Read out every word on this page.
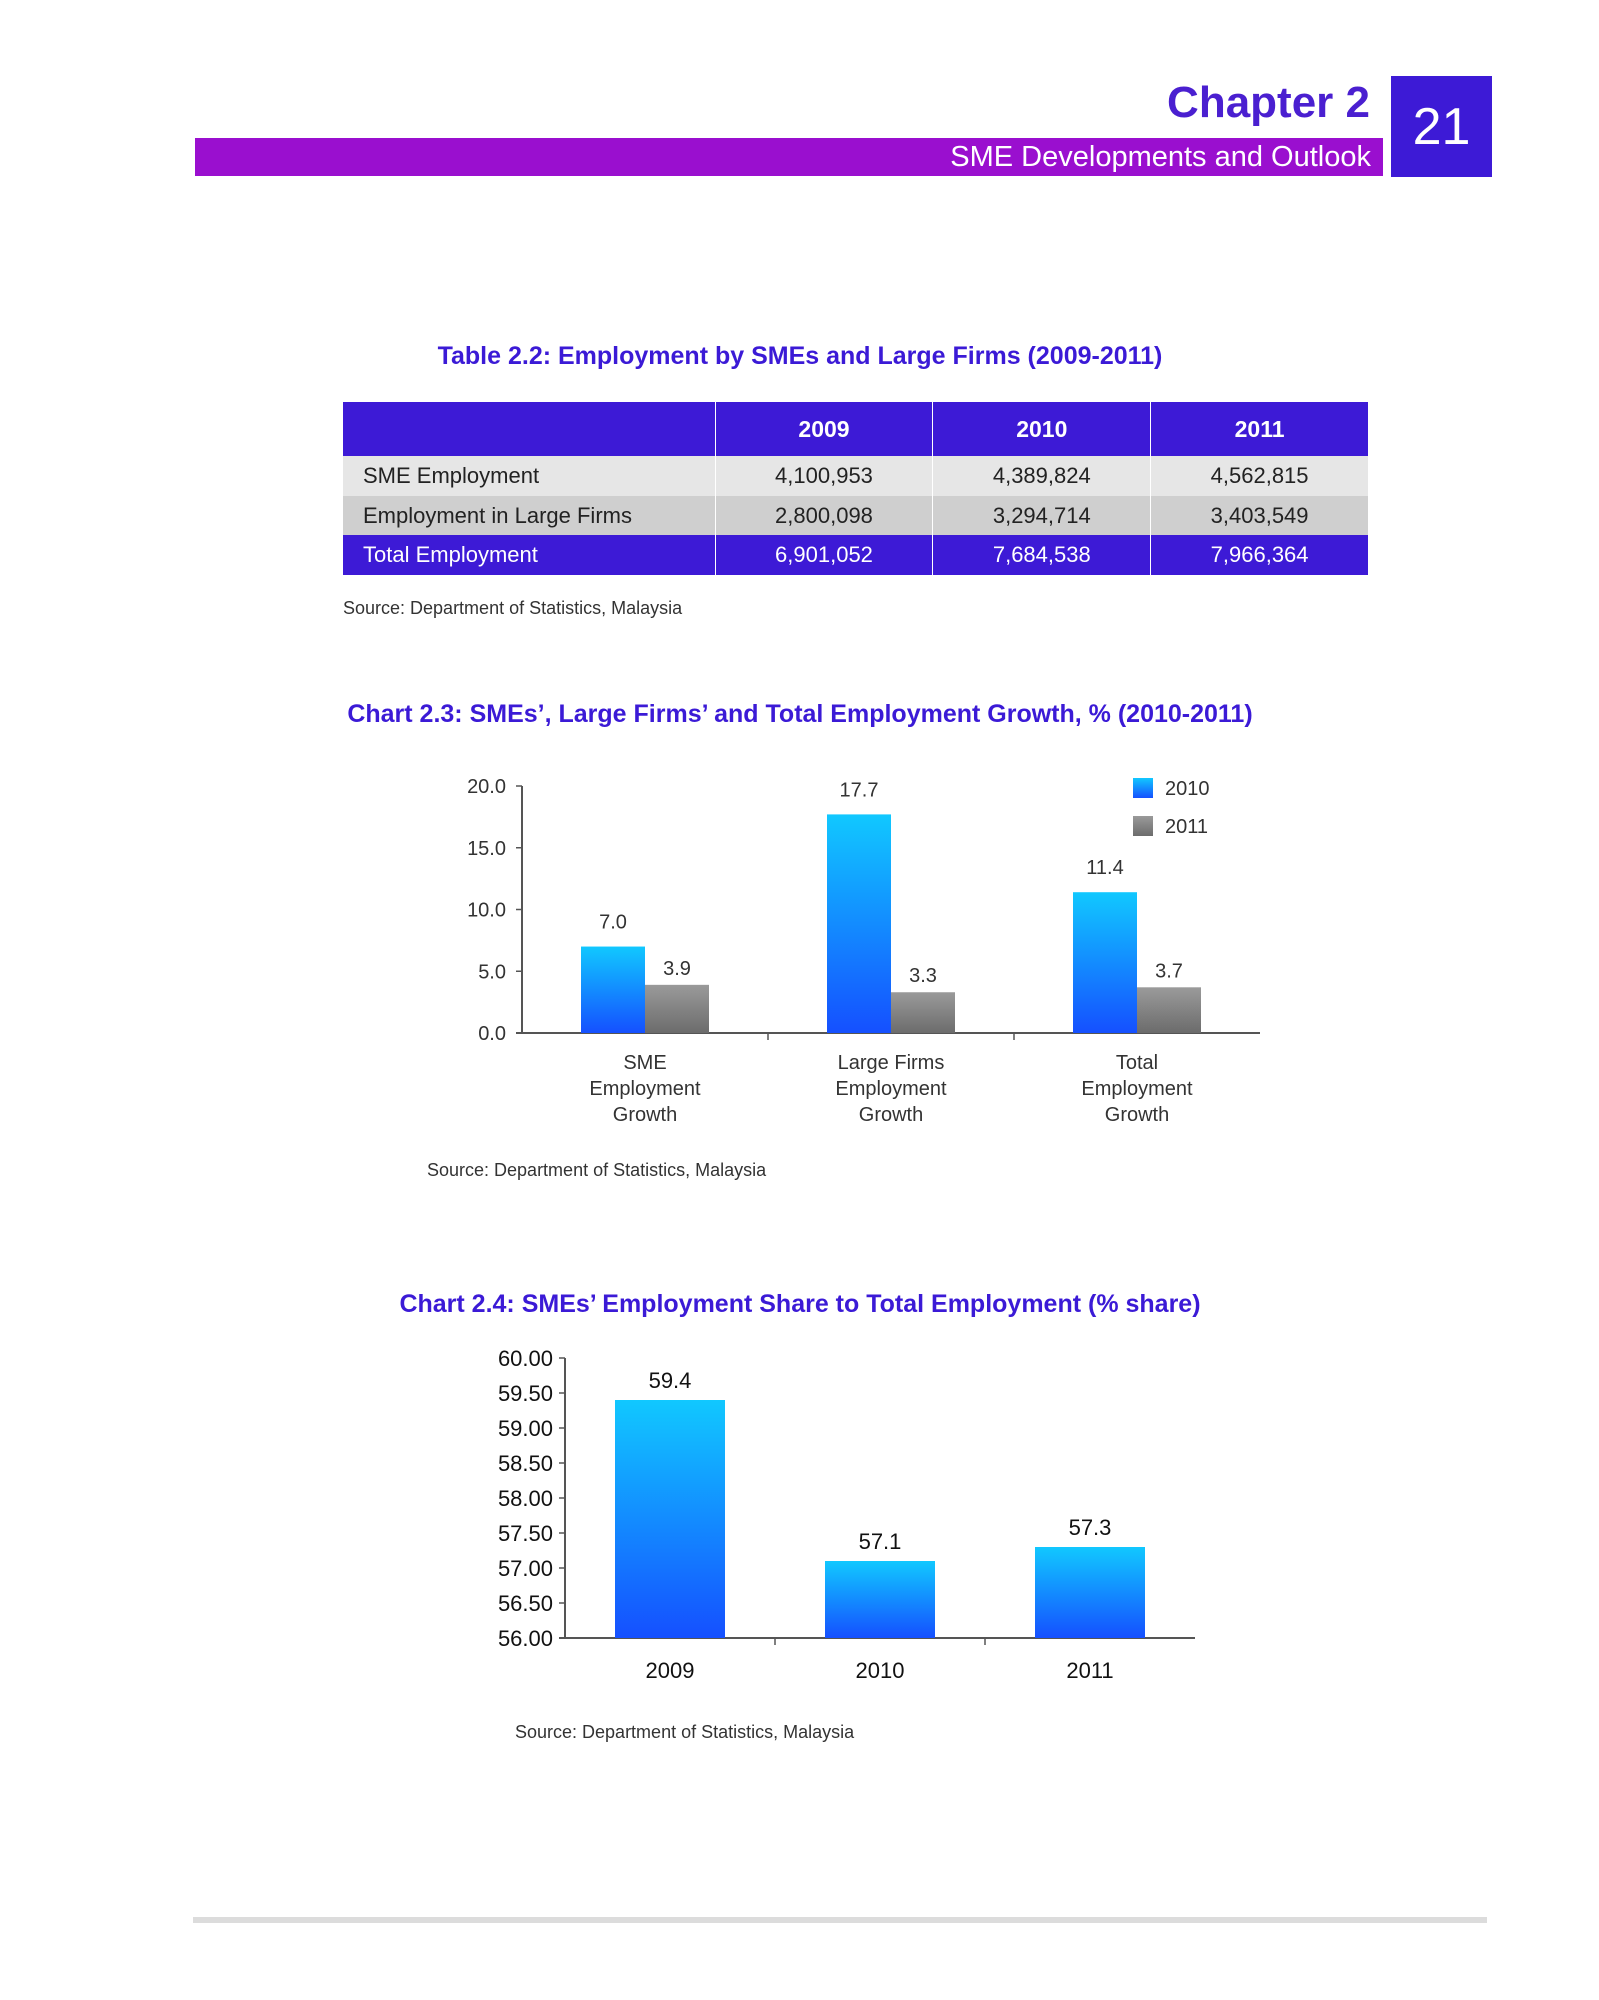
Chapter 2
SME Developments and Outlook
21
Table 2.2: Employment by SMEs and Large Firms (2009-2011)
	2009	2010	2011
SME Employment	4,100,953	4,389,824	4,562,815
Employment in Large Firms	2,800,098	3,294,714	3,403,549
Total Employment	6,901,052	7,684,538	7,966,364
Source: Department of Statistics, Malaysia
Chart 2.3: SMEs’, Large Firms’ and Total Employment Growth, % (2010-2011)
0.0
5.0
10.0
15.0
20.0
7.0
3.9
SME
Employment
Growth
17.7
3.3
Large Firms
Employment
Growth
11.4
3.7
Total
Employment
Growth
2010
2011
Source: Department of Statistics, Malaysia
Chart 2.4: SMEs’ Employment Share to Total Employment (% share)
56.00
56.50
57.00
57.50
58.00
58.50
59.00
59.50
60.00
59.4
2009
57.1
2010
57.3
2011
Source: Department of Statistics, Malaysia
